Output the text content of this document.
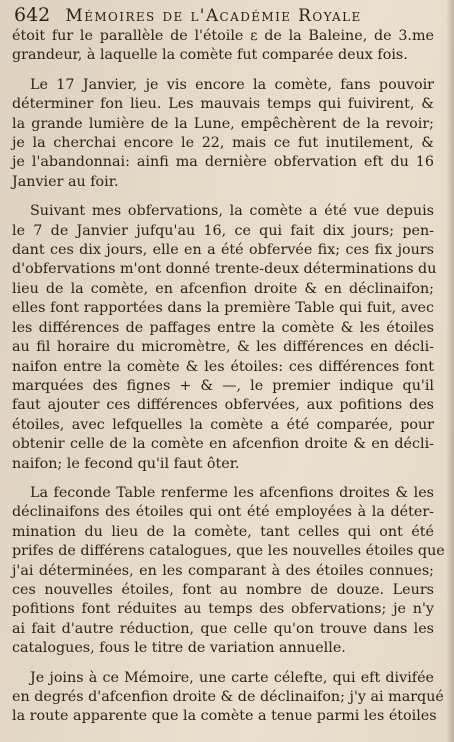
642 Mémoires de l'Académie Royale

étoit fur le parallèle de l'étoile ε de la Baleine, de 3.me
grandeur, à laquelle la comète fut comparée deux fois.

Le 17 Janvier, je vis encore la comète, fans pouvoir
déterminer fon lieu. Les mauvais temps qui fuivirent, &
la grande lumière de la Lune, empêchèrent de la revoir;
je la cherchai encore le 22, mais ce fut inutilement, &
je l'abandonnai: ainfi ma dernière obfervation eft du 16
Janvier au foir.

Suivant mes obfervations, la comète a été vue depuis
le 7 de Janvier jufqu'au 16, ce qui fait dix jours; pen-
dant ces dix jours, elle en a été obfervée fix; ces fix jours
d'obfervations m'ont donné trente-deux déterminations du
lieu de la comète, en afcenfion droite & en déclinaifon;
elles font rapportées dans la première Table qui fuit, avec
les différences de paffages entre la comète & les étoiles
au fil horaire du micromètre, & les différences en décli-
naifon entre la comète & les étoiles: ces différences font
marquées des fignes + & —, le premier indique qu'il
faut ajouter ces différences obfervées, aux pofitions des
étoiles, avec lefquelles la comète a été comparée, pour
obtenir celle de la comète en afcenfion droite & en décli-
naifon; le fecond qu'il faut ôter.

La feconde Table renferme les afcenfions droites & les
déclinaifons des étoiles qui ont été employées à la déter-
mination du lieu de la comète, tant celles qui ont été
prifes de différens catalogues, que les nouvelles étoiles que
j'ai déterminées, en les comparant à des étoiles connues;
ces nouvelles étoiles, font au nombre de douze. Leurs
pofitions font réduites au temps des obfervations; je n'y
ai fait d'autre réduction, que celle qu'on trouve dans les
catalogues, fous le titre de variation annuelle.

Je joins à ce Mémoire, une carte célefte, qui eft divifée
en degrés d'afcenfion droite & de déclinaifon; j'y ai marqué
la route apparente que la comète a tenue parmi les étoiles
